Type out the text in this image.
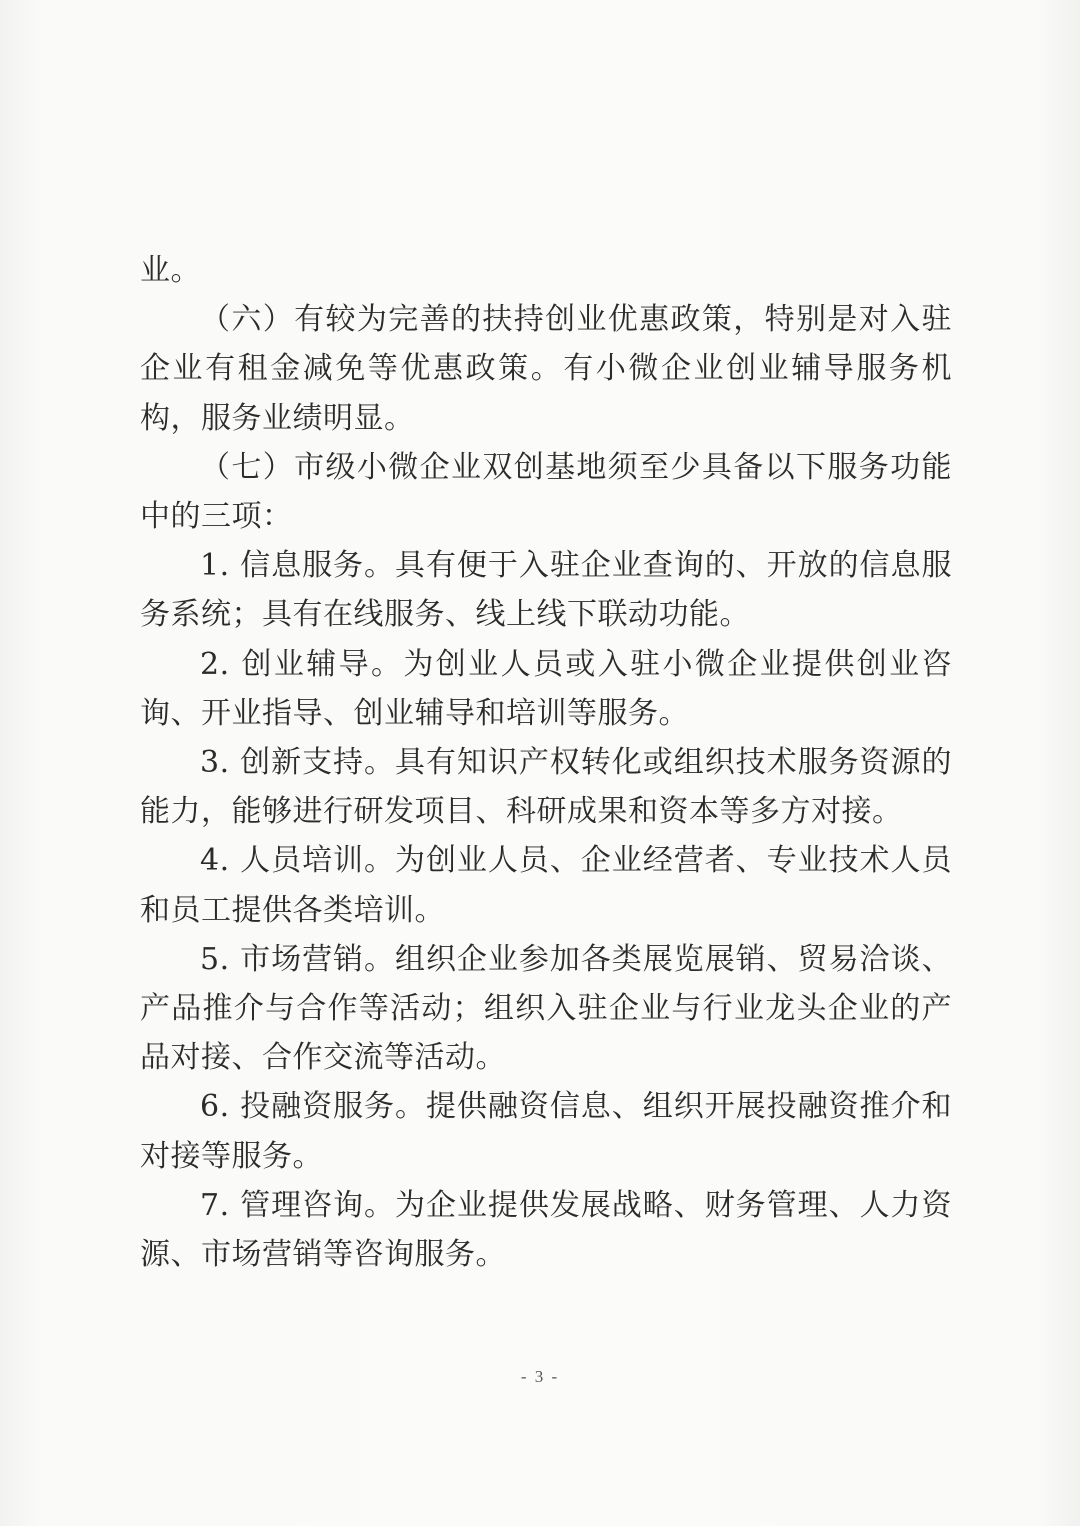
业。

（六）有较为完善的扶持创业优惠政策，特别是对入驻企业有租金减免等优惠政策。有小微企业创业辅导服务机构，服务业绩明显。

（七）市级小微企业双创基地须至少具备以下服务功能中的三项：

1. 信息服务。具有便于入驻企业查询的、开放的信息服务系统；具有在线服务、线上线下联动功能。

2. 创业辅导。为创业人员或入驻小微企业提供创业咨询、开业指导、创业辅导和培训等服务。

3. 创新支持。具有知识产权转化或组织技术服务资源的能力，能够进行研发项目、科研成果和资本等多方对接。

4. 人员培训。为创业人员、企业经营者、专业技术人员和员工提供各类培训。

5. 市场营销。组织企业参加各类展览展销、贸易洽谈、产品推介与合作等活动；组织入驻企业与行业龙头企业的产品对接、合作交流等活动。

6. 投融资服务。提供融资信息、组织开展投融资推介和对接等服务。

7. 管理咨询。为企业提供发展战略、财务管理、人力资源、市场营销等咨询服务。

- 3 -
